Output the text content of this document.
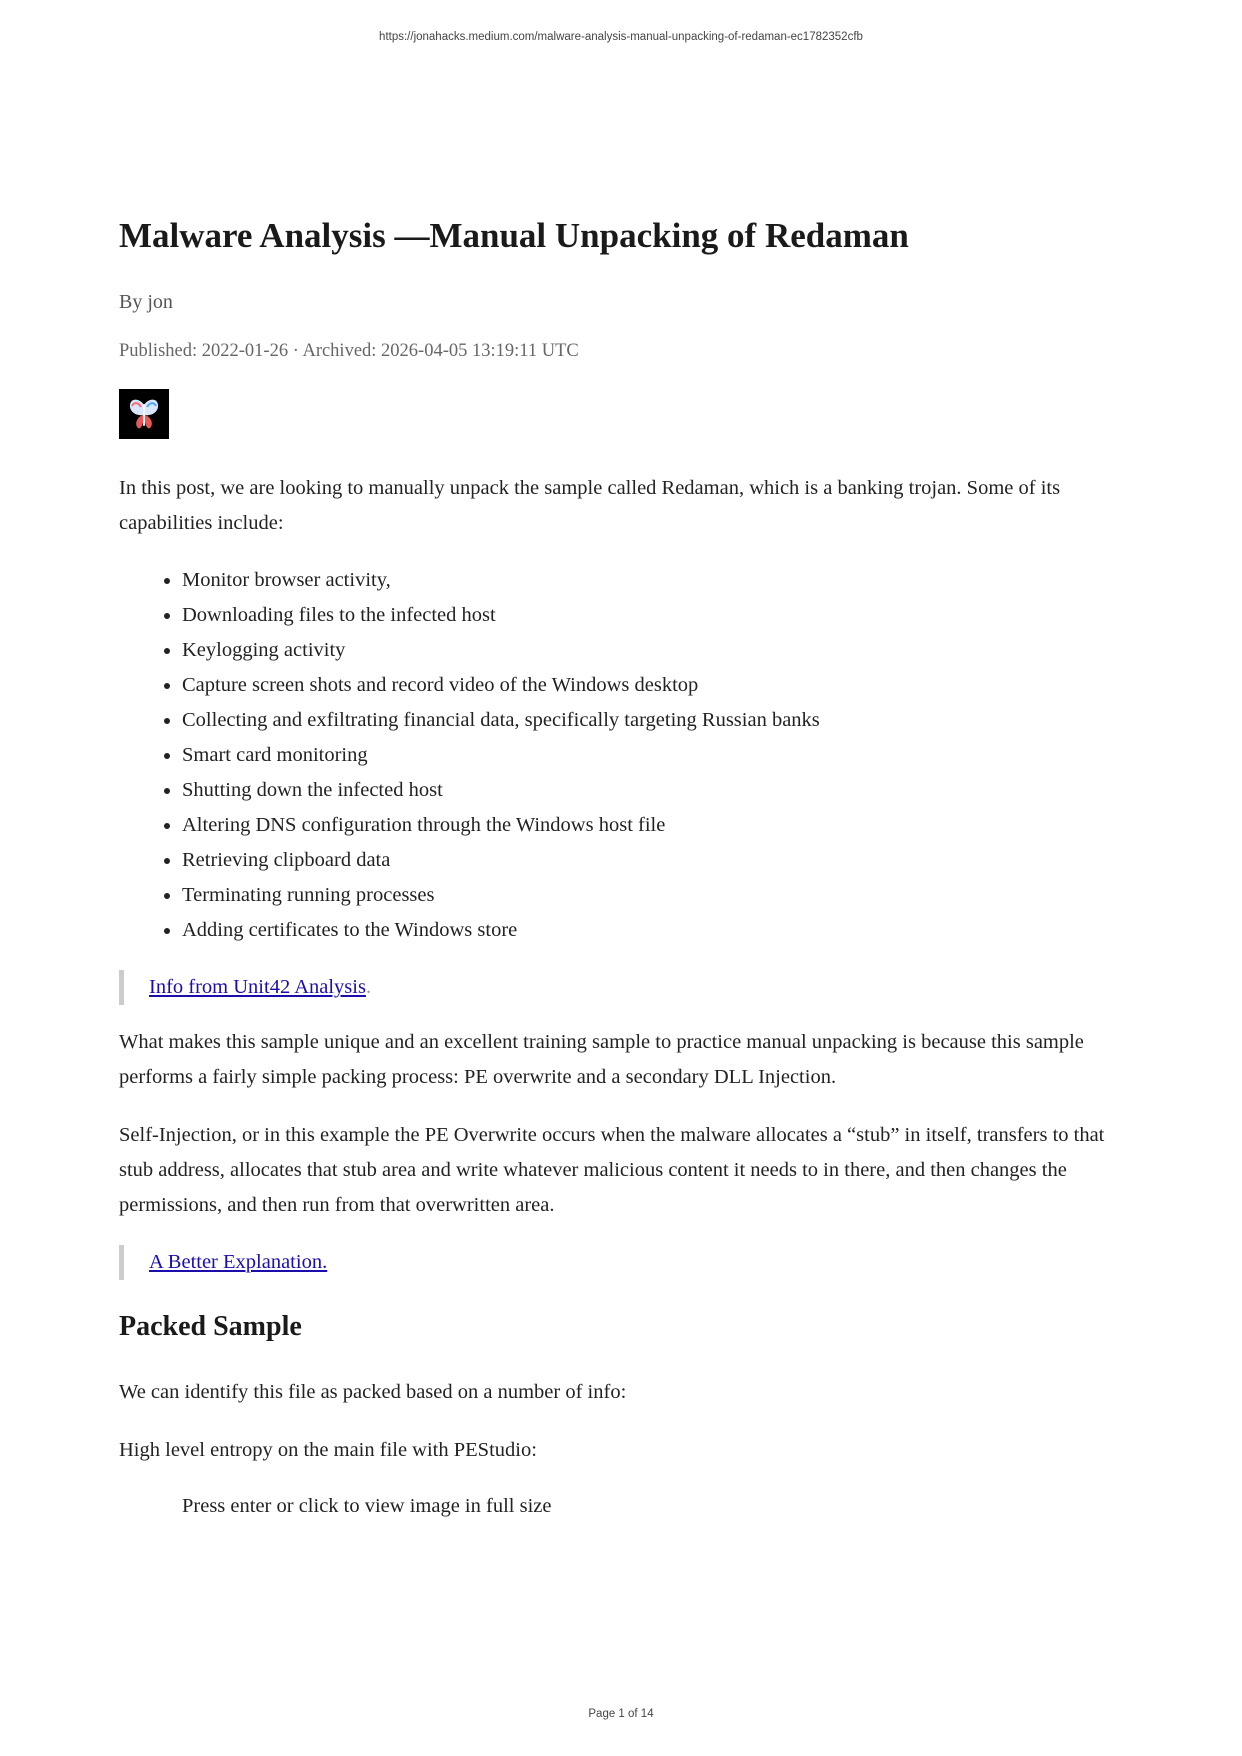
https://jonahacks.medium.com/malware-analysis-manual-unpacking-of-redaman-ec1782352cfb
Malware Analysis —Manual Unpacking of Redaman
By jon
Published: 2022-01-26 · Archived: 2026-04-05 13:19:11 UTC

In this post, we are looking to manually unpack the sample called Redaman, which is a banking trojan. Some of its capabilities include:

• Monitor browser activity,
• Downloading files to the infected host
• Keylogging activity
• Capture screen shots and record video of the Windows desktop
• Collecting and exfiltrating financial data, specifically targeting Russian banks
• Smart card monitoring
• Shutting down the infected host
• Altering DNS configuration through the Windows host file
• Retrieving clipboard data
• Terminating running processes
• Adding certificates to the Windows store
Info from Unit42 Analysis.

What makes this sample unique and an excellent training sample to practice manual unpacking is because this sample performs a fairly simple packing process: PE overwrite and a secondary DLL Injection.

Self-Injection, or in this example the PE Overwrite occurs when the malware allocates a “stub” in itself, transfers to that stub address, allocates that stub area and write whatever malicious content it needs to in there, and then changes the permissions, and then run from that overwritten area.

A Better Explanation.
Packed Sample

We can identify this file as packed based on a number of info:

High level entropy on the main file with PEStudio:

Press enter or click to view image in full size
Page 1 of 14
